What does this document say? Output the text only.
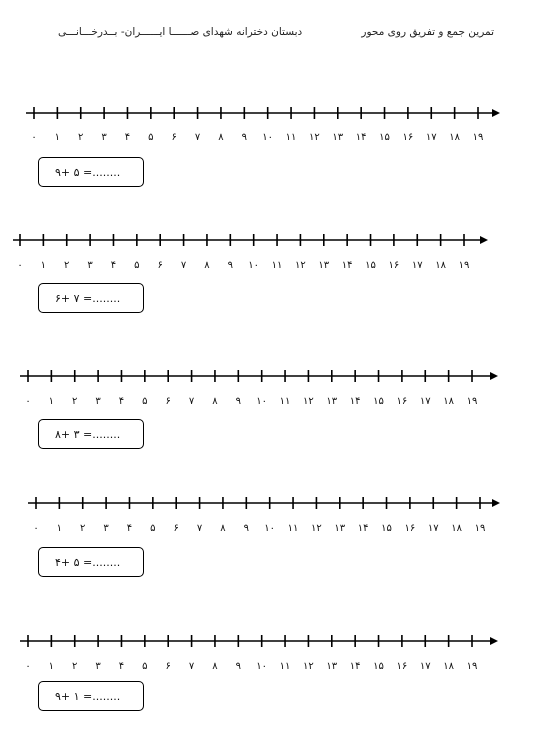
تمرین جمع و تفریق روی محور
دبستان دخترانه شهدای صــــــا ایــــــران- بــدرخـــانـــی
۰ ۱ ۲ ۳ ۴ ۵ ۶ ۷ ۸ ۹ ۱۰ ۱۱ ۱۲ ۱۳ ۱۴ ۱۵ ۱۶ ۱۷ ۱۸ ۱۹
۰ ۱ ۲ ۳ ۴ ۵ ۶ ۷ ۸ ۹ ۱۰ ۱۱ ۱۲ ۱۳ ۱۴ ۱۵ ۱۶ ۱۷ ۱۸ ۱۹
۰ ۱ ۲ ۳ ۴ ۵ ۶ ۷ ۸ ۹ ۱۰ ۱۱ ۱۲ ۱۳ ۱۴ ۱۵ ۱۶ ۱۷ ۱۸ ۱۹
۰ ۱ ۲ ۳ ۴ ۵ ۶ ۷ ۸ ۹ ۱۰ ۱۱ ۱۲ ۱۳ ۱۴ ۱۵ ۱۶ ۱۷ ۱۸ ۱۹
۰ ۱ ۲ ۳ ۴ ۵ ۶ ۷ ۸ ۹ ۱۰ ۱۱ ۱۲ ۱۳ ۱۴ ۱۵ ۱۶ ۱۷ ۱۸ ۱۹
۹+ ۵ =........
۶+ ۷ =........
۸+ ۳ =........
۴+ ۵ =........
۹+ ۱ =........
